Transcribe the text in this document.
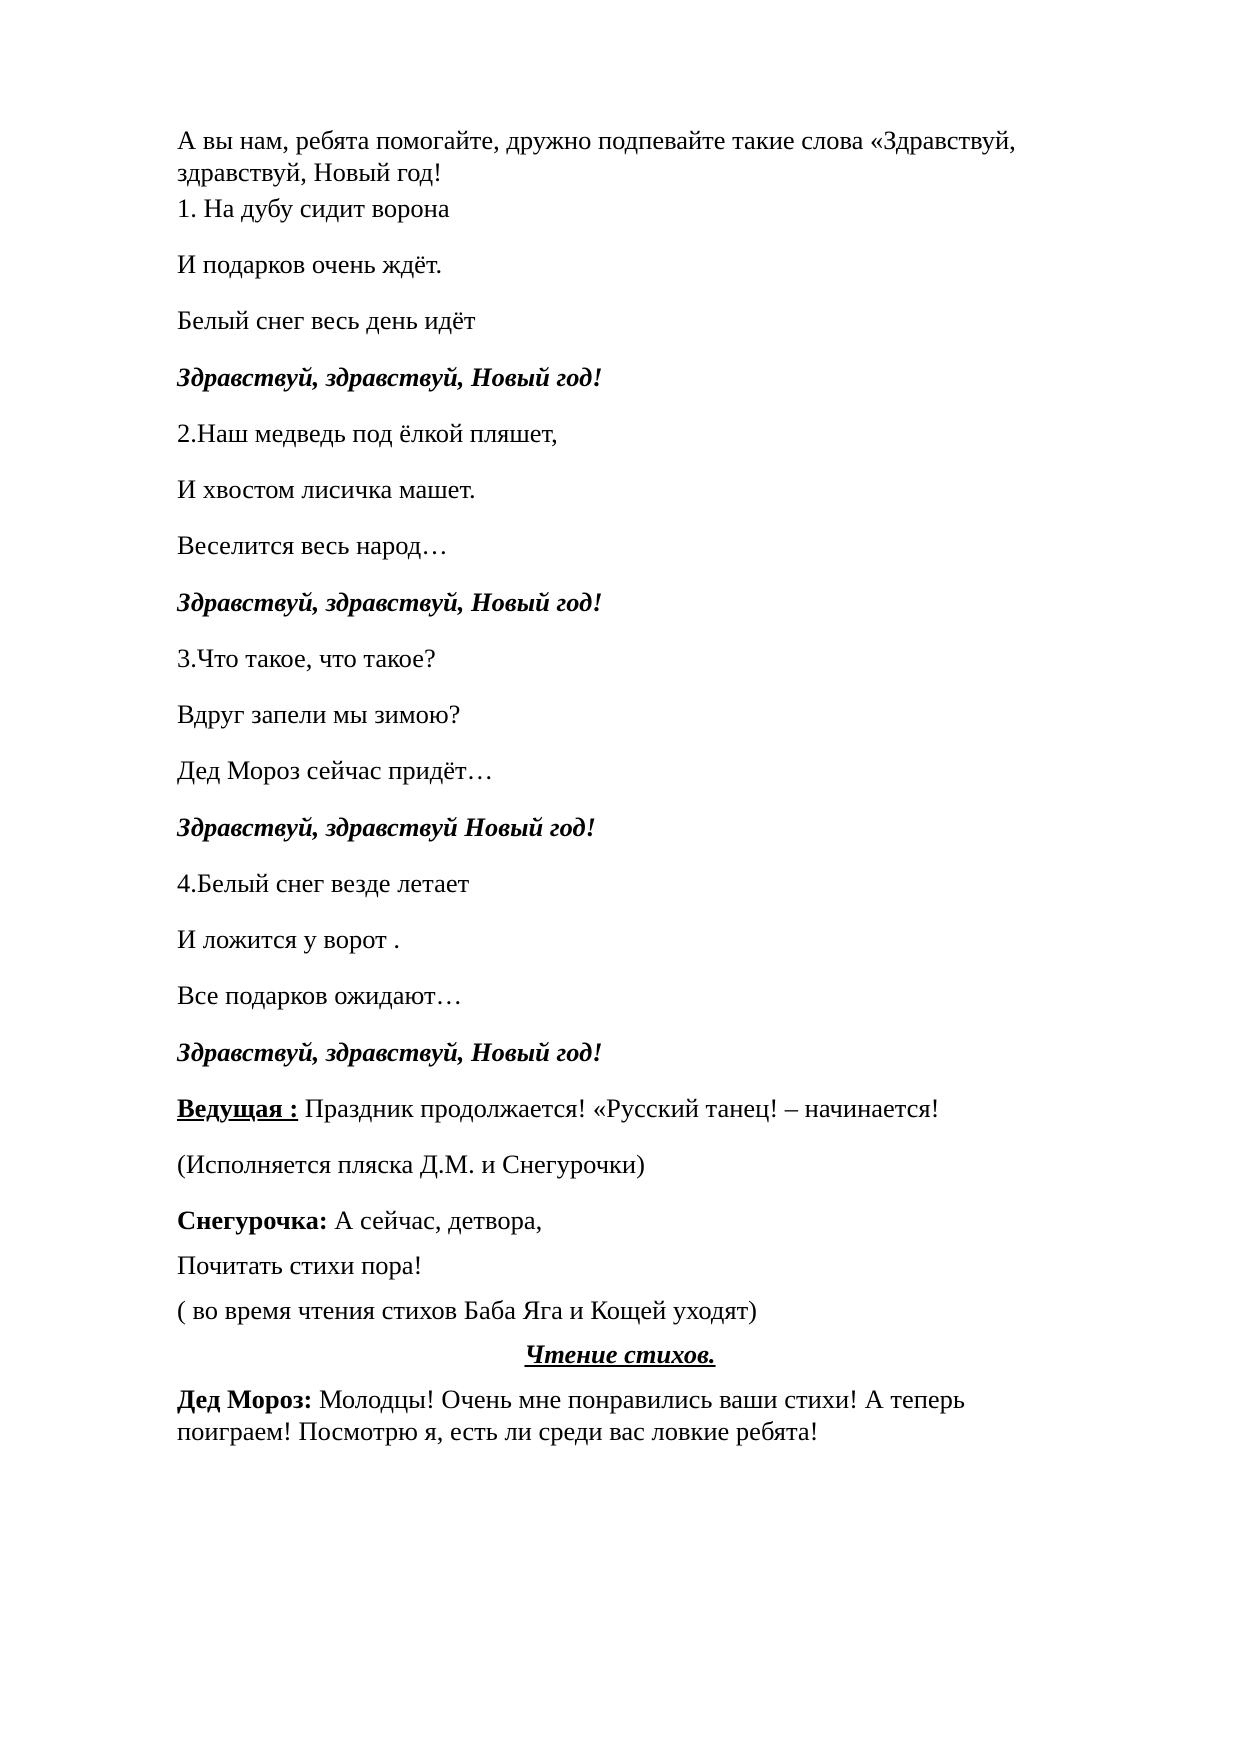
А вы нам, ребята помогайте, дружно подпевайте такие слова «Здравствуй, здравствуй, Новый год!
1. На дубу сидит ворона
И подарков очень ждёт.
Белый снег весь день идёт
Здравствуй, здравствуй, Новый год!
2.Наш медведь под ёлкой пляшет,
И хвостом лисичка машет.
Веселится весь народ…
Здравствуй, здравствуй, Новый год!
3.Что такое, что такое?
Вдруг запели мы зимою?
Дед Мороз сейчас придёт…
Здравствуй, здравствуй Новый год!
4.Белый снег везде летает
И ложится у ворот .
Все подарков ожидают…
Здравствуй, здравствуй, Новый год!
Ведущая : Праздник продолжается! «Русский танец! – начинается!
(Исполняется пляска Д.М. и Снегурочки)
Снегурочка: А сейчас, детвора,
Почитать стихи пора!
( во время чтения стихов Баба Яга и Кощей уходят)
Чтение стихов.
Дед Мороз: Молодцы! Очень мне понравились ваши стихи! А теперь поиграем! Посмотрю я, есть ли среди вас ловкие ребята!
